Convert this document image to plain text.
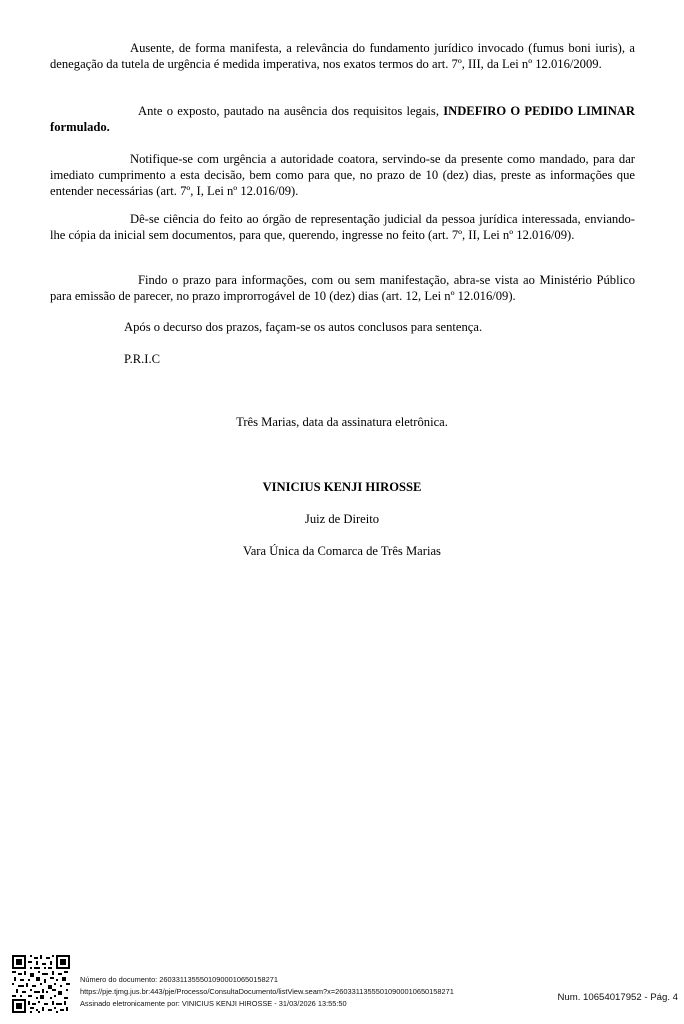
Ausente, de forma manifesta, a relevância do fundamento jurídico invocado (fumus boni iuris), a denegação da tutela de urgência é medida imperativa, nos exatos termos do art. 7º, III, da Lei nº 12.016/2009.

Ante o exposto, pautado na ausência dos requisitos legais, INDEFIRO O PEDIDO LIMINAR formulado.

Notifique-se com urgência a autoridade coatora, servindo-se da presente como mandado, para dar imediato cumprimento a esta decisão, bem como para que, no prazo de 10 (dez) dias, preste as informações que entender necessárias (art. 7º, I, Lei nº 12.016/09).

Dê-se ciência do feito ao órgão de representação judicial da pessoa jurídica interessada, enviando-lhe cópia da inicial sem documentos, para que, querendo, ingresse no feito (art. 7º, II, Lei nº 12.016/09).

Findo o prazo para informações, com ou sem manifestação, abra-se vista ao Ministério Público para emissão de parecer, no prazo improrrogável de 10 (dez) dias (art. 12, Lei nº 12.016/09).

Após o decurso dos prazos, façam-se os autos conclusos para sentença.

P.R.I.C

Três Marias, data da assinatura eletrônica.

VINICIUS KENJI HIROSSE

Juiz de Direito

Vara Única da Comarca de Três Marias

Número do documento: 26033113555010900010650158271

https://pje.tjmg.jus.br:443/pje/Processo/ConsultaDocumento/listView.seam?x=26033113555010900010650158271

Assinado eletronicamente por: VINICIUS KENJI HIROSSE - 31/03/2026 13:55:50

Num. 10654017952 - Pág. 4
